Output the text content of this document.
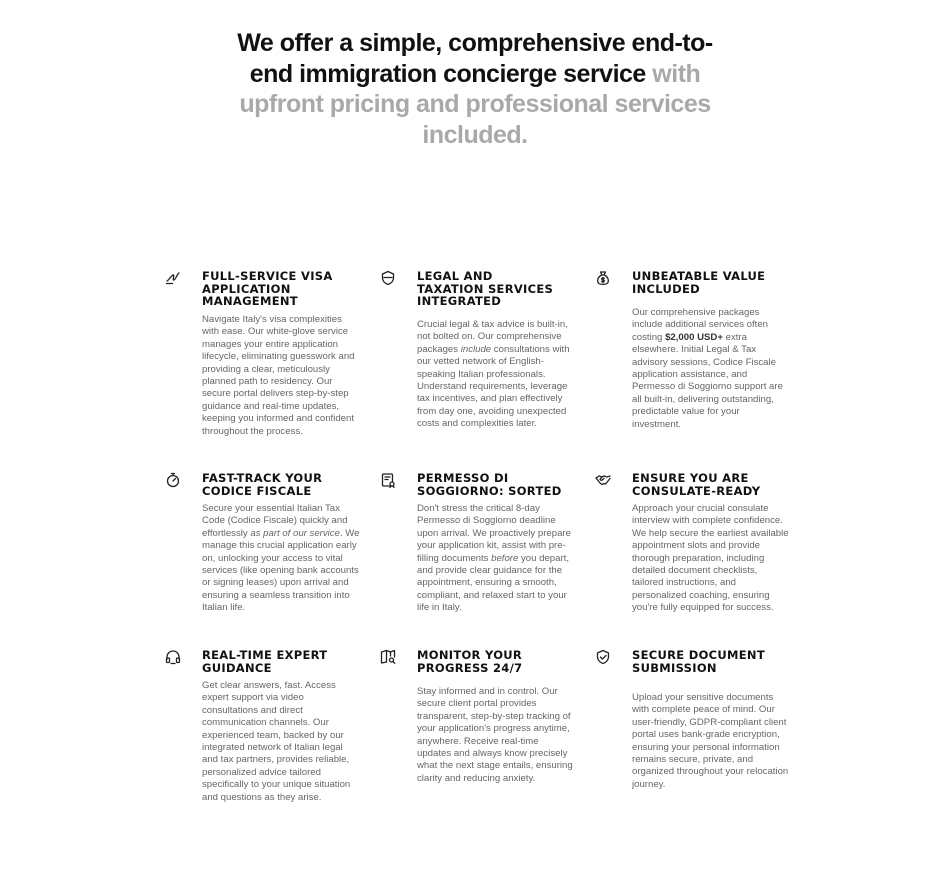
We offer a simple, comprehensive end-to-
end immigration concierge service with
upfront pricing and professional services
included.
FULL-SERVICE VISA
APPLICATION
MANAGEMENT
Navigate Italy's visa complexities with ease. Our white-glove service manages your entire application lifecycle, eliminating guesswork and providing a clear, meticulously planned path to residency. Our secure portal delivers step-by-step guidance and real-time updates, keeping you informed and confident throughout the process.
LEGAL AND
TAXATION SERVICES
INTEGRATED
Crucial legal & tax advice is built-in, not bolted on. Our comprehensive packages include consultations with our vetted network of English-speaking Italian professionals. Understand requirements, leverage tax incentives, and plan effectively from day one, avoiding unexpected costs and complexities later.
UNBEATABLE VALUE
INCLUDED
Our comprehensive packages include additional services often costing $2,000 USD+ extra elsewhere. Initial Legal & Tax advisory sessions, Codice Fiscale application assistance, and Permesso di Soggiorno support are all built-in, delivering outstanding, predictable value for your investment.
FAST-TRACK YOUR
CODICE FISCALE
Secure your essential Italian Tax Code (Codice Fiscale) quickly and effortlessly as part of our service. We manage this crucial application early on, unlocking your access to vital services (like opening bank accounts or signing leases) upon arrival and ensuring a seamless transition into Italian life.
PERMESSO DI
SOGGIORNO: SORTED
Don't stress the critical 8-day Permesso di Soggiorno deadline upon arrival. We proactively prepare your application kit, assist with pre-filling documents before you depart, and provide clear guidance for the appointment, ensuring a smooth, compliant, and relaxed start to your life in Italy.
ENSURE YOU ARE
CONSULATE-READY
Approach your crucial consulate interview with complete confidence. We help secure the earliest available appointment slots and provide thorough preparation, including detailed document checklists, tailored instructions, and personalized coaching, ensuring you're fully equipped for success.
REAL-TIME EXPERT
GUIDANCE
Get clear answers, fast. Access expert support via video consultations and direct communication channels. Our experienced team, backed by our integrated network of Italian legal and tax partners, provides reliable, personalized advice tailored specifically to your unique situation and questions as they arise.
MONITOR YOUR
PROGRESS 24/7
Stay informed and in control. Our secure client portal provides transparent, step-by-step tracking of your application's progress anytime, anywhere. Receive real-time updates and always know precisely what the next stage entails, ensuring clarity and reducing anxiety.
SECURE DOCUMENT
SUBMISSION
Upload your sensitive documents with complete peace of mind. Our user-friendly, GDPR-compliant client portal uses bank-grade encryption, ensuring your personal information remains secure, private, and organized throughout your relocation journey.
